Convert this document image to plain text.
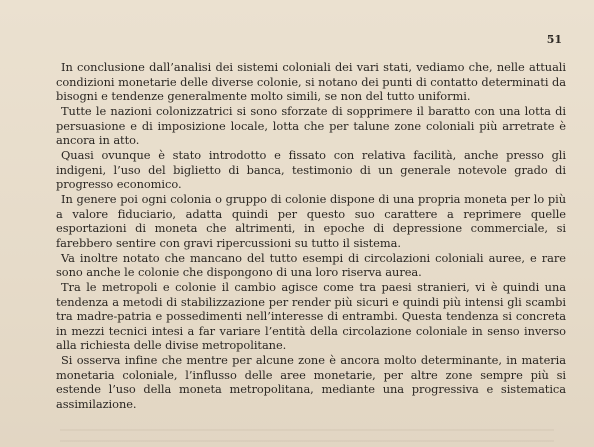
51

In conclusione dall’analisi dei sistemi coloniali dei vari stati, vediamo che, nelle attuali condizioni monetarie delle diverse colonie, si notano dei punti di contatto determinati da bisogni e tendenze generalmente molto simili, se non del tutto uniformi.

Tutte le nazioni colonizzatrici si sono sforzate di sopprimere il baratto con una lotta di persuasione e di imposizione locale, lotta che per talune zone coloniali più arretrate è ancora in atto.

Quasi ovunque è stato introdotto e fissato con relativa facilità, anche presso gli indigeni, l’uso del biglietto di banca, testimonio di un generale notevole grado di progresso economico.

In genere poi ogni colonia o gruppo di colonie dispone di una propria moneta per lo più a valore fiduciario, adatta quindi per questo suo carattere a reprimere quelle esportazioni di moneta che altrimenti, in epoche di depressione commerciale, si farebbero sentire con gravi ripercussioni su tutto il sistema.

Va inoltre notato che mancano del tutto esempi di circolazioni coloniali auree, e rare sono anche le colonie che dispongono di una loro riserva aurea.

Tra le metropoli e colonie il cambio agisce come tra paesi stranieri, vi è quindi una tendenza a metodi di stabilizzazione per render più sicuri e quindi più intensi gli scambi tra madre-patria e possedimenti nell’interesse di entrambi. Questa tendenza si concreta in mezzi tecnici intesi a far variare l’entità della circolazione coloniale in senso inverso alla richiesta delle divise metropolitane.

Si osserva infine che mentre per alcune zone è ancora molto determinante, in materia monetaria coloniale, l’influsso delle aree monetarie, per altre zone sempre più si estende l’uso della moneta metropolitana, mediante una progressiva e sistematica assimilazione.
